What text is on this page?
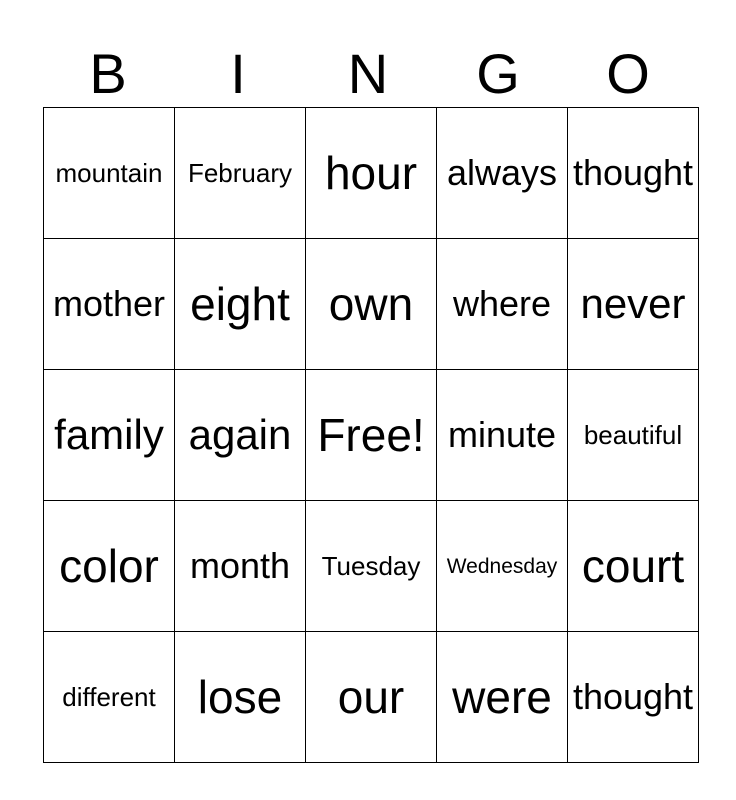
B	I	N	G	O
mountain	February	hour	always	thought
mother	eight	own	where	never
family	again	Free!	minute	beautiful
color	month	Tuesday	Wednesday	court
different	lose	our	were	thought
